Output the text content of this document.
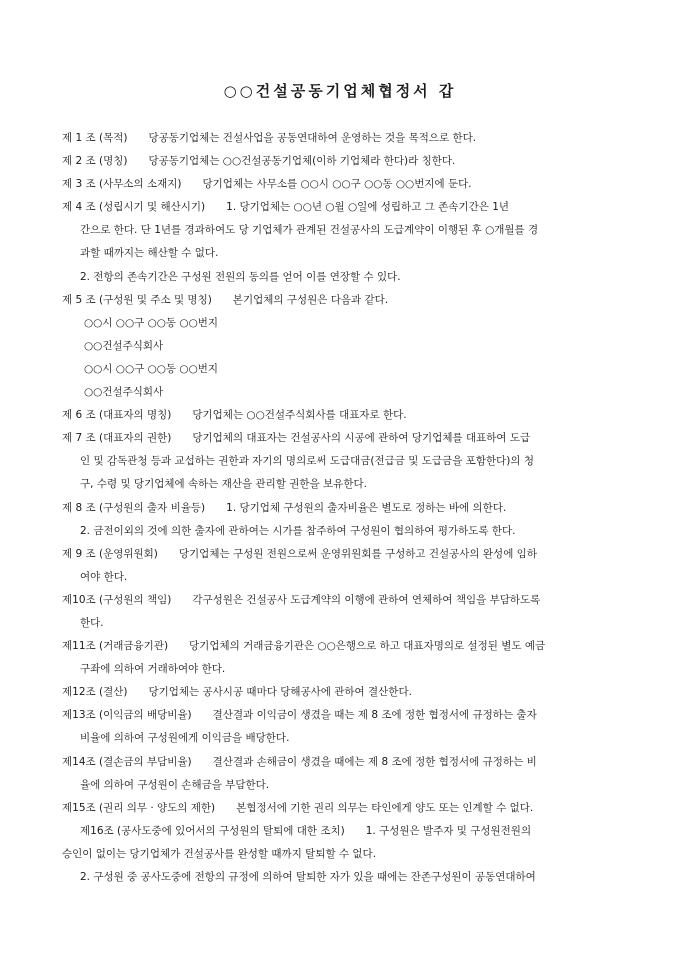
○○건설공동기업체협정서 갑
제 1 조 (목적)　　당공동기업체는 건설사업을 공동연대하여 운영하는 것을 목적으로 한다.
제 2 조 (명칭)　　당공동기업체는 ○○건설공동기업체(이하 기업체라 한다)라 칭한다.
제 3 조 (사무소의 소재지)　　당기업체는 사무소를 ○○시 ○○구 ○○동 ○○번지에 둔다.
제 4 조 (성립시기 및 해산시기)　　1. 당기업체는 ○○년 ○월 ○일에 성립하고 그 존속기간은 1년
간으로 한다. 단 1년를 경과하여도 당 기업체가 관계된 건설공사의 도급계약이 이행된 후 ○개월를 경
과할 때까지는 해산할 수 없다.
2. 전항의 존속기간은 구성원 전원의 동의를 얻어 이를 연장할 수 있다.
제 5 조 (구성원 및 주소 및 명칭)　　본기업체의 구성원은 다음과 같다.
○○시 ○○구 ○○동 ○○번지
○○건설주식회사
○○시 ○○구 ○○동 ○○번지
○○건설주식회사
제 6 조 (대표자의 명칭)　　당기업체는 ○○건설주식회사를 대표자로 한다.
제 7 조 (대표자의 권한)　　당기업체의 대표자는 건설공사의 시공에 관하여 당기업체를 대표하여 도급
인 및 감독관청 등과 교섭하는 권한과 자기의 명의로써 도급대금(전급금 및 도급금을 포함한다)의 청
구, 수령 및 당기업체에 속하는 재산을 관리할 권한을 보유한다.
제 8 조 (구성원의 출자 비율등)　　1. 당기업체 구성원의 출자비율은 별도로 정하는 바에 의한다.
2. 금전이외의 것에 의한 출자에 관하여는 시가를 참주하여 구성원이 협의하여 평가하도록 한다.
제 9 조 (운영위원회)　　당기업체는 구성원 전원으로써 운영위원회를 구성하고 건설공사의 완성에 임하
여야 한다.
제10조 (구성원의 책임)　　각구성원은 건설공사 도급계약의 이행에 관하여 연체하여 책임을 부담하도록
한다.
제11조 (거래금융기관)　　당기업체의 거래금융기관은 ○○은행으로 하고 대표자명의로 설정된 별도 예금
구좌에 의하여 거래하여야 한다.
제12조 (결산)　　당기업체는 공사시공 때마다 당해공사에 관하여 결산한다.
제13조 (이익금의 배당비율)　　결산결과 이익금이 생겼을 때는 제 8 조에 정한 협정서에 규정하는 출자
비율에 의하여 구성원에게 이익금을 배당한다.
제14조 (결손금의 부담비율)　　결산결과 손해금이 생겼을 때에는 제 8 조에 정한 협정서에 규정하는 비
율에 의하여 구성원이 손해금을 부담한다.
제15조 (권리 의무 · 양도의 제한)　　본협정서에 기한 권리 의무는 타인에게 양도 또는 인계할 수 없다.
제16조 (공사도중에 있어서의 구성원의 탈퇴에 대한 조치)　　1. 구성원은 발주자 및 구성원전원의
승인이 없이는 당기업체가 건설공사를 완성할 때까지 탈퇴할 수 없다.
2. 구성원 중 공사도중에 전항의 규정에 의하여 탈퇴한 자가 있을 때에는 잔존구성원이 공동연대하여
